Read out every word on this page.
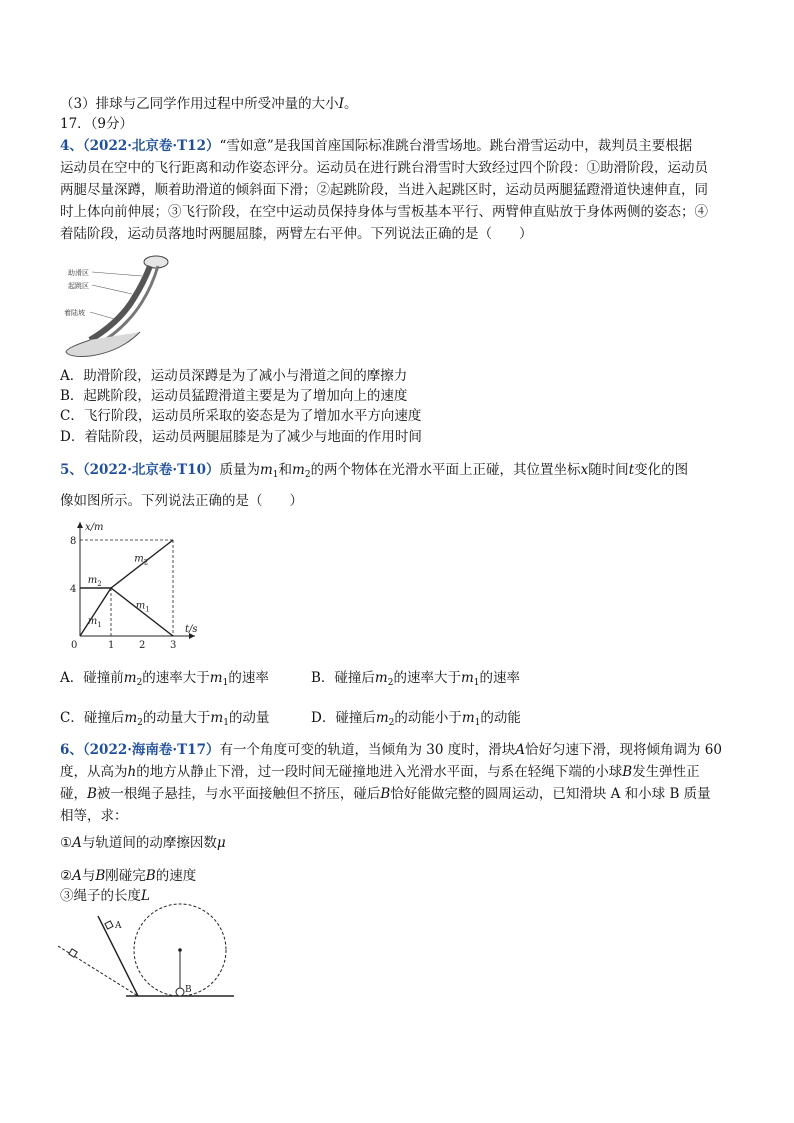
（3）排球与乙同学作用过程中所受冲量的大小I。
17．（9分）
4、（2022·北京卷·T12）“雪如意”是我国首座国际标准跳台滑雪场地。跳台滑雪运动中，裁判员主要根据
运动员在空中的飞行距离和动作姿态评分。运动员在进行跳台滑雪时大致经过四个阶段：①助滑阶段，运动员
两腿尽量深蹲，顺着助滑道的倾斜面下滑；②起跳阶段，当进入起跳区时，运动员两腿猛蹬滑道快速伸直，同
时上体向前伸展；③飞行阶段，在空中运动员保持身体与雪板基本平行、两臂伸直贴放于身体两侧的姿态；④
着陆阶段，运动员落地时两腿屈膝，两臂左右平伸。下列说法正确的是（　　）
助滑区
起跳区
着陆坡
A．助滑阶段，运动员深蹲是为了减小与滑道之间的摩擦力
B．起跳阶段，运动员猛蹬滑道主要是为了增加向上的速度
C．飞行阶段，运动员所采取的姿态是为了增加水平方向速度
D．着陆阶段，运动员两腿屈膝是为了减少与地面的作用时间
5、（2022·北京卷·T10）质量为$m_1$和$m_2$的两个物体在光滑水平面上正碰，其位置坐标x随时间t变化的图
像如图所示。下列说法正确的是（　　）
x/m
t/s
0	1 2 3
4
8
$m_2$
$m_1$
$m_2$
$m_1$
A．碰撞前$m_2$的速率大于$m_1$的速率	B．碰撞后$m_2$的速率大于$m_1$的速率
C．碰撞后$m_2$的动量大于$m_1$的动量	D．碰撞后$m_2$的动能小于$m_1$的动能
6、（2022·海南卷·T17）有一个角度可变的轨道，当倾角为 30 度时，滑块A恰好匀速下滑，现将倾角调为 60
度，从高为h的地方从静止下滑，过一段时间无碰撞地进入光滑水平面，与系在轻绳下端的小球B发生弹性正
碰，B被一根绳子悬挂，与水平面接触但不挤压，碰后B恰好能做完整的圆周运动，已知滑块 A 和小球 B 质量
相等，求：
①A与轨道间的动摩擦因数μ
②A与B刚碰完B的速度
③绳子的长度L
A
B
